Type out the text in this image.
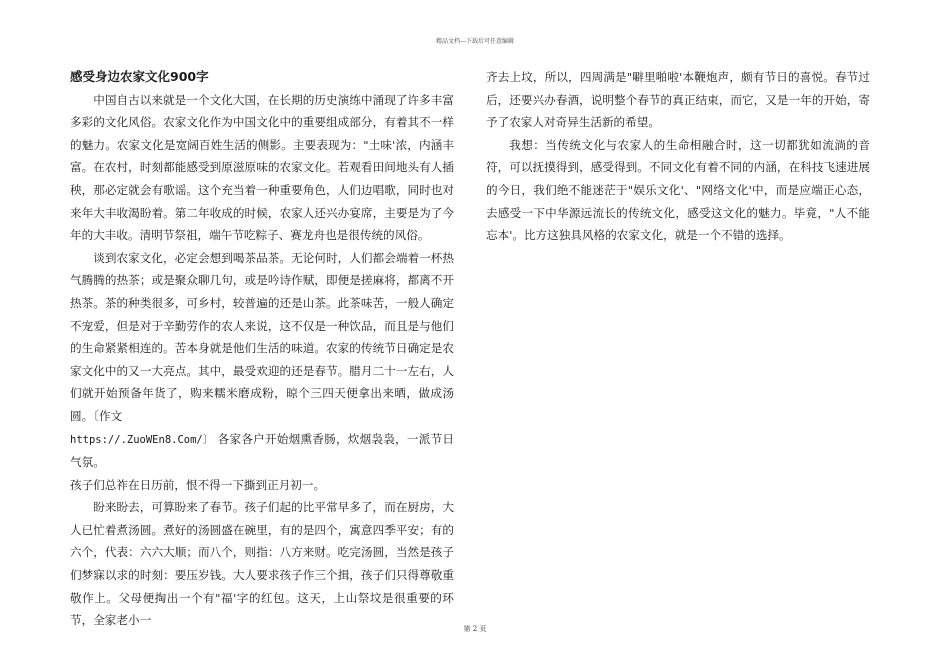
精品文档---下载后可任意编辑
感受身边农家文化900字

中国自古以来就是一个文化大国，在长期的历史演练中涌现了许多丰富多彩的文化风俗。农家文化作为中国文化中的重要组成部分，有着其不一样的魅力。农家文化是宽阔百姓生活的侧影。主要表现为："土味'浓，内涵丰富。在农村，时刻都能感受到原滋原味的农家文化。若观看田间地头有人插秧，那必定就会有歌谣。这个充当着一种重要角色，人们边唱歌，同时也对来年大丰收渴盼着。第二年收成的时候，农家人还兴办宴席，主要是为了今年的大丰收。清明节祭祖，端午节吃粽子、赛龙舟也是很传统的风俗。

谈到农家文化，必定会想到喝茶品茶。无论何时，人们都会端着一杯热气腾腾的热茶；或是聚众聊几句，或是吟诗作赋，即便是搓麻将，都离不开热茶。茶的种类很多，可乡村，较普遍的还是山茶。此茶味苦，一般人确定不宠爱，但是对于辛勤劳作的农人来说，这不仅是一种饮品，而且是与他们的生命紧紧相连的。苦本身就是他们生活的味道。农家的传统节日确定是农家文化中的又一大亮点。其中，最受欢迎的还是春节。腊月二十一左右，人们就开始预备年货了，购来糯米磨成粉，晾个三四天便拿出来晒，做成汤圆。〔作文

https://.ZuoWEn8.Com/〕 各家各户开始烟熏香肠，炊烟袅袅，一派节日气氛。

孩子们总祚在日历前，恨不得一下撕到正月初一。

盼来盼去，可算盼来了春节。孩子们起的比平常早多了，而在厨房，大人已忙着煮汤圆。煮好的汤圆盛在碗里，有的是四个，寓意四季平安；有的六个，代表：六六大顺；而八个，则指：八方来财。吃完汤圆，当然是孩子们梦寐以求的时刻：要压岁钱。大人要求孩子作三个揖，孩子们只得尊敬重敬作上。父母便掏出一个有"福'字的红包。这天，上山祭坟是很重要的环节，全家老小一

齐去上坟，所以，四周满是"噼里啪啦'本鞭炮声，颇有节日的喜悦。春节过后，还要兴办春酒，说明整个春节的真正结束，而它，又是一年的开始，寄予了农家人对奇异生活新的希望。

我想：当传统文化与农家人的生命相融合时，这一切都犹如流淌的音符，可以抚摸得到，感受得到。不同文化有着不同的内涵，在科技飞速进展的今日，我们绝不能迷茫于"娱乐文化'、"网络文化'中，而是应端正心态，去感受一下中华源远流长的传统文化，感受这文化的魅力。毕竟，"人不能忘本'。比方这独具风格的农家文化，就是一个不错的选择。

第 2 页
